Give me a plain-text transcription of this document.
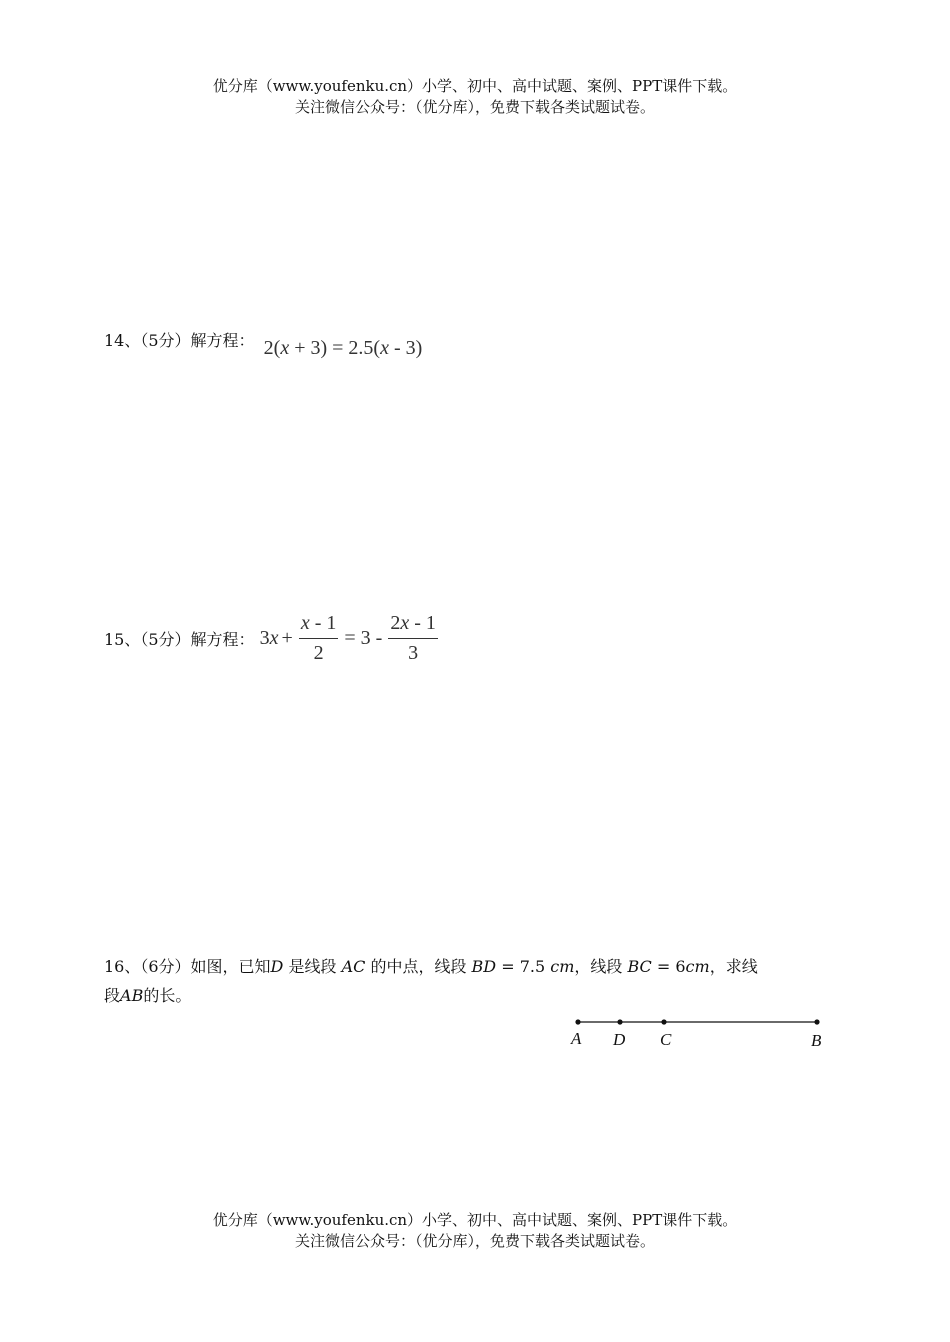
优分库（www.youfenku.cn）小学、初中、高中试题、案例、PPT课件下载。
关注微信公众号：（优分库），免费下载各类试题试卷。
14、（5分）解方程： 2(x + 3) = 2.5(x - 3)
15、（5分）解方程： $3x + \frac{x - 1}{2} = 3 - \frac{2x - 1}{3}$
16、（6分）如图，已知D 是线段 AC 的中点，线段 BD = 7.5 cm，线段 BC = 6cm，求线
段AB的长。
A D C	B
优分库（www.youfenku.cn）小学、初中、高中试题、案例、PPT课件下载。
关注微信公众号：（优分库），免费下载各类试题试卷。
